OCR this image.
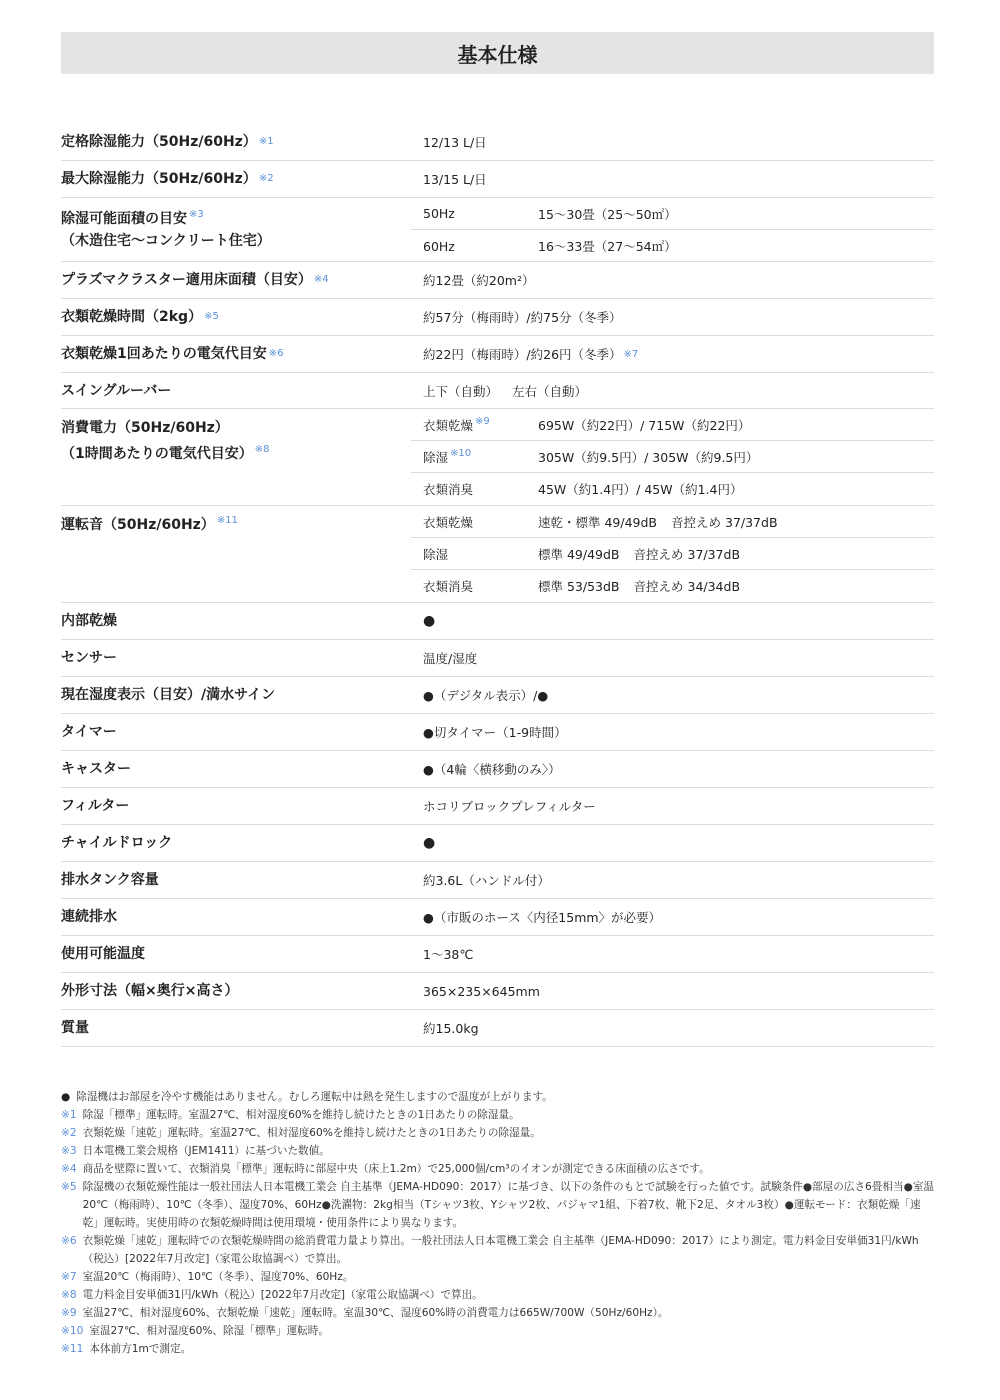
基本仕様
定格除湿能力（50Hz/60Hz） ※1	12/13 L/日
最大除湿能力（50Hz/60Hz） ※2	13/15 L/日
除湿可能面積の目安 $^{※3}$
（木造住宅～コンクリート住宅）
50Hz	15～30畳（25～50㎡）
60Hz	16～33畳（27～54㎡）
プラズマクラスター適用床面積（目安） ※4	約12畳（約20m²）
衣類乾燥時間（2kg） ※5	約57分（梅雨時）/約75分（冬季）
衣類乾燥1回あたりの電気代目安 ※6	約22円（梅雨時）/約26円（冬季） ※7
スイングルーバー	上下（自動） 左右（自動）
消費電力（50Hz/60Hz）
（1時間あたりの電気代目安） $^{※8}$
衣類乾燥 $^{※9}$	695W（約22円）/ 715W（約22円）
除湿 $^{※10}$	305W（約9.5円）/ 305W（約9.5円）
衣類消臭	45W（約1.4円）/ 45W（約1.4円）
運転音（50Hz/60Hz） $^{※11}$	衣類乾燥	速乾・標準 49/49dB 音控えめ 37/37dB
除湿	標準 49/49dB 音控えめ 37/37dB
衣類消臭	標準 53/53dB 音控えめ 34/34dB
内部乾燥	●
センサー	温度/湿度
現在湿度表示（目安）/満水サイン	●（デジタル表示）/●
タイマー	●切タイマー（1-9時間）
キャスター	●（4輪〈横移動のみ〉）
フィルター	ホコリブロックプレフィルター
チャイルドロック	●
排水タンク容量	約3.6L（ハンドル付）
連続排水	●（市販のホース〈内径15mm〉が必要）
使用可能温度	1～38℃
外形寸法（幅×奥行×高さ）	365×235×645mm
質量	約15.0kg
● 除湿機はお部屋を冷やす機能はありません。むしろ運転中は熱を発生しますので温度が上がります。
※1 除湿「標準」運転時。室温27℃、相対湿度60%を維持し続けたときの1日あたりの除湿量。
※2 衣類乾燥「速乾」運転時。室温27℃、相対湿度60%を維持し続けたときの1日あたりの除湿量。
※3 日本電機工業会規格（JEM1411）に基づいた数値。
※4 商品を壁際に置いて、衣類消臭「標準」運転時に部屋中央（床上1.2m）で25,000個/cm³のイオンが測定できる床面積の広さです。
※5 除湿機の衣類乾燥性能は一般社団法人日本電機工業会 自主基準（JEMA-HD090：2017）に基づき、以下の条件のもとで試験を行った値です。試験条件●部屋の広さ6畳相当●室温20℃（梅雨時）、10℃（冬季）、湿度70%、60Hz●洗濯物：2kg相当（Tシャツ3枚、Yシャツ2枚、パジャマ1組、下着7枚、靴下2足、タオル3枚）●運転モード：衣類乾燥「速乾」運転時。実使用時の衣類乾燥時間は使用環境・使用条件により異なります。
※6 衣類乾燥「速乾」運転時での衣類乾燥時間の総消費電力量より算出。一般社団法人日本電機工業会 自主基準（JEMA-HD090：2017）により測定。電力料金目安単価31円/kWh（税込）[2022年7月改定]（家電公取協調べ）で算出。
※7 室温20℃（梅雨時）、10℃（冬季）、湿度70%、60Hz。
※8 電力料金目安単価31円/kWh（税込）[2022年7月改定]（家電公取協調べ）で算出。
※9 室温27℃、相対湿度60%、衣類乾燥「速乾」運転時。室温30℃、湿度60%時の消費電力は665W/700W（50Hz/60Hz）。
※10 室温27℃、相対湿度60%、除湿「標準」運転時。
※11 本体前方1mで測定。
